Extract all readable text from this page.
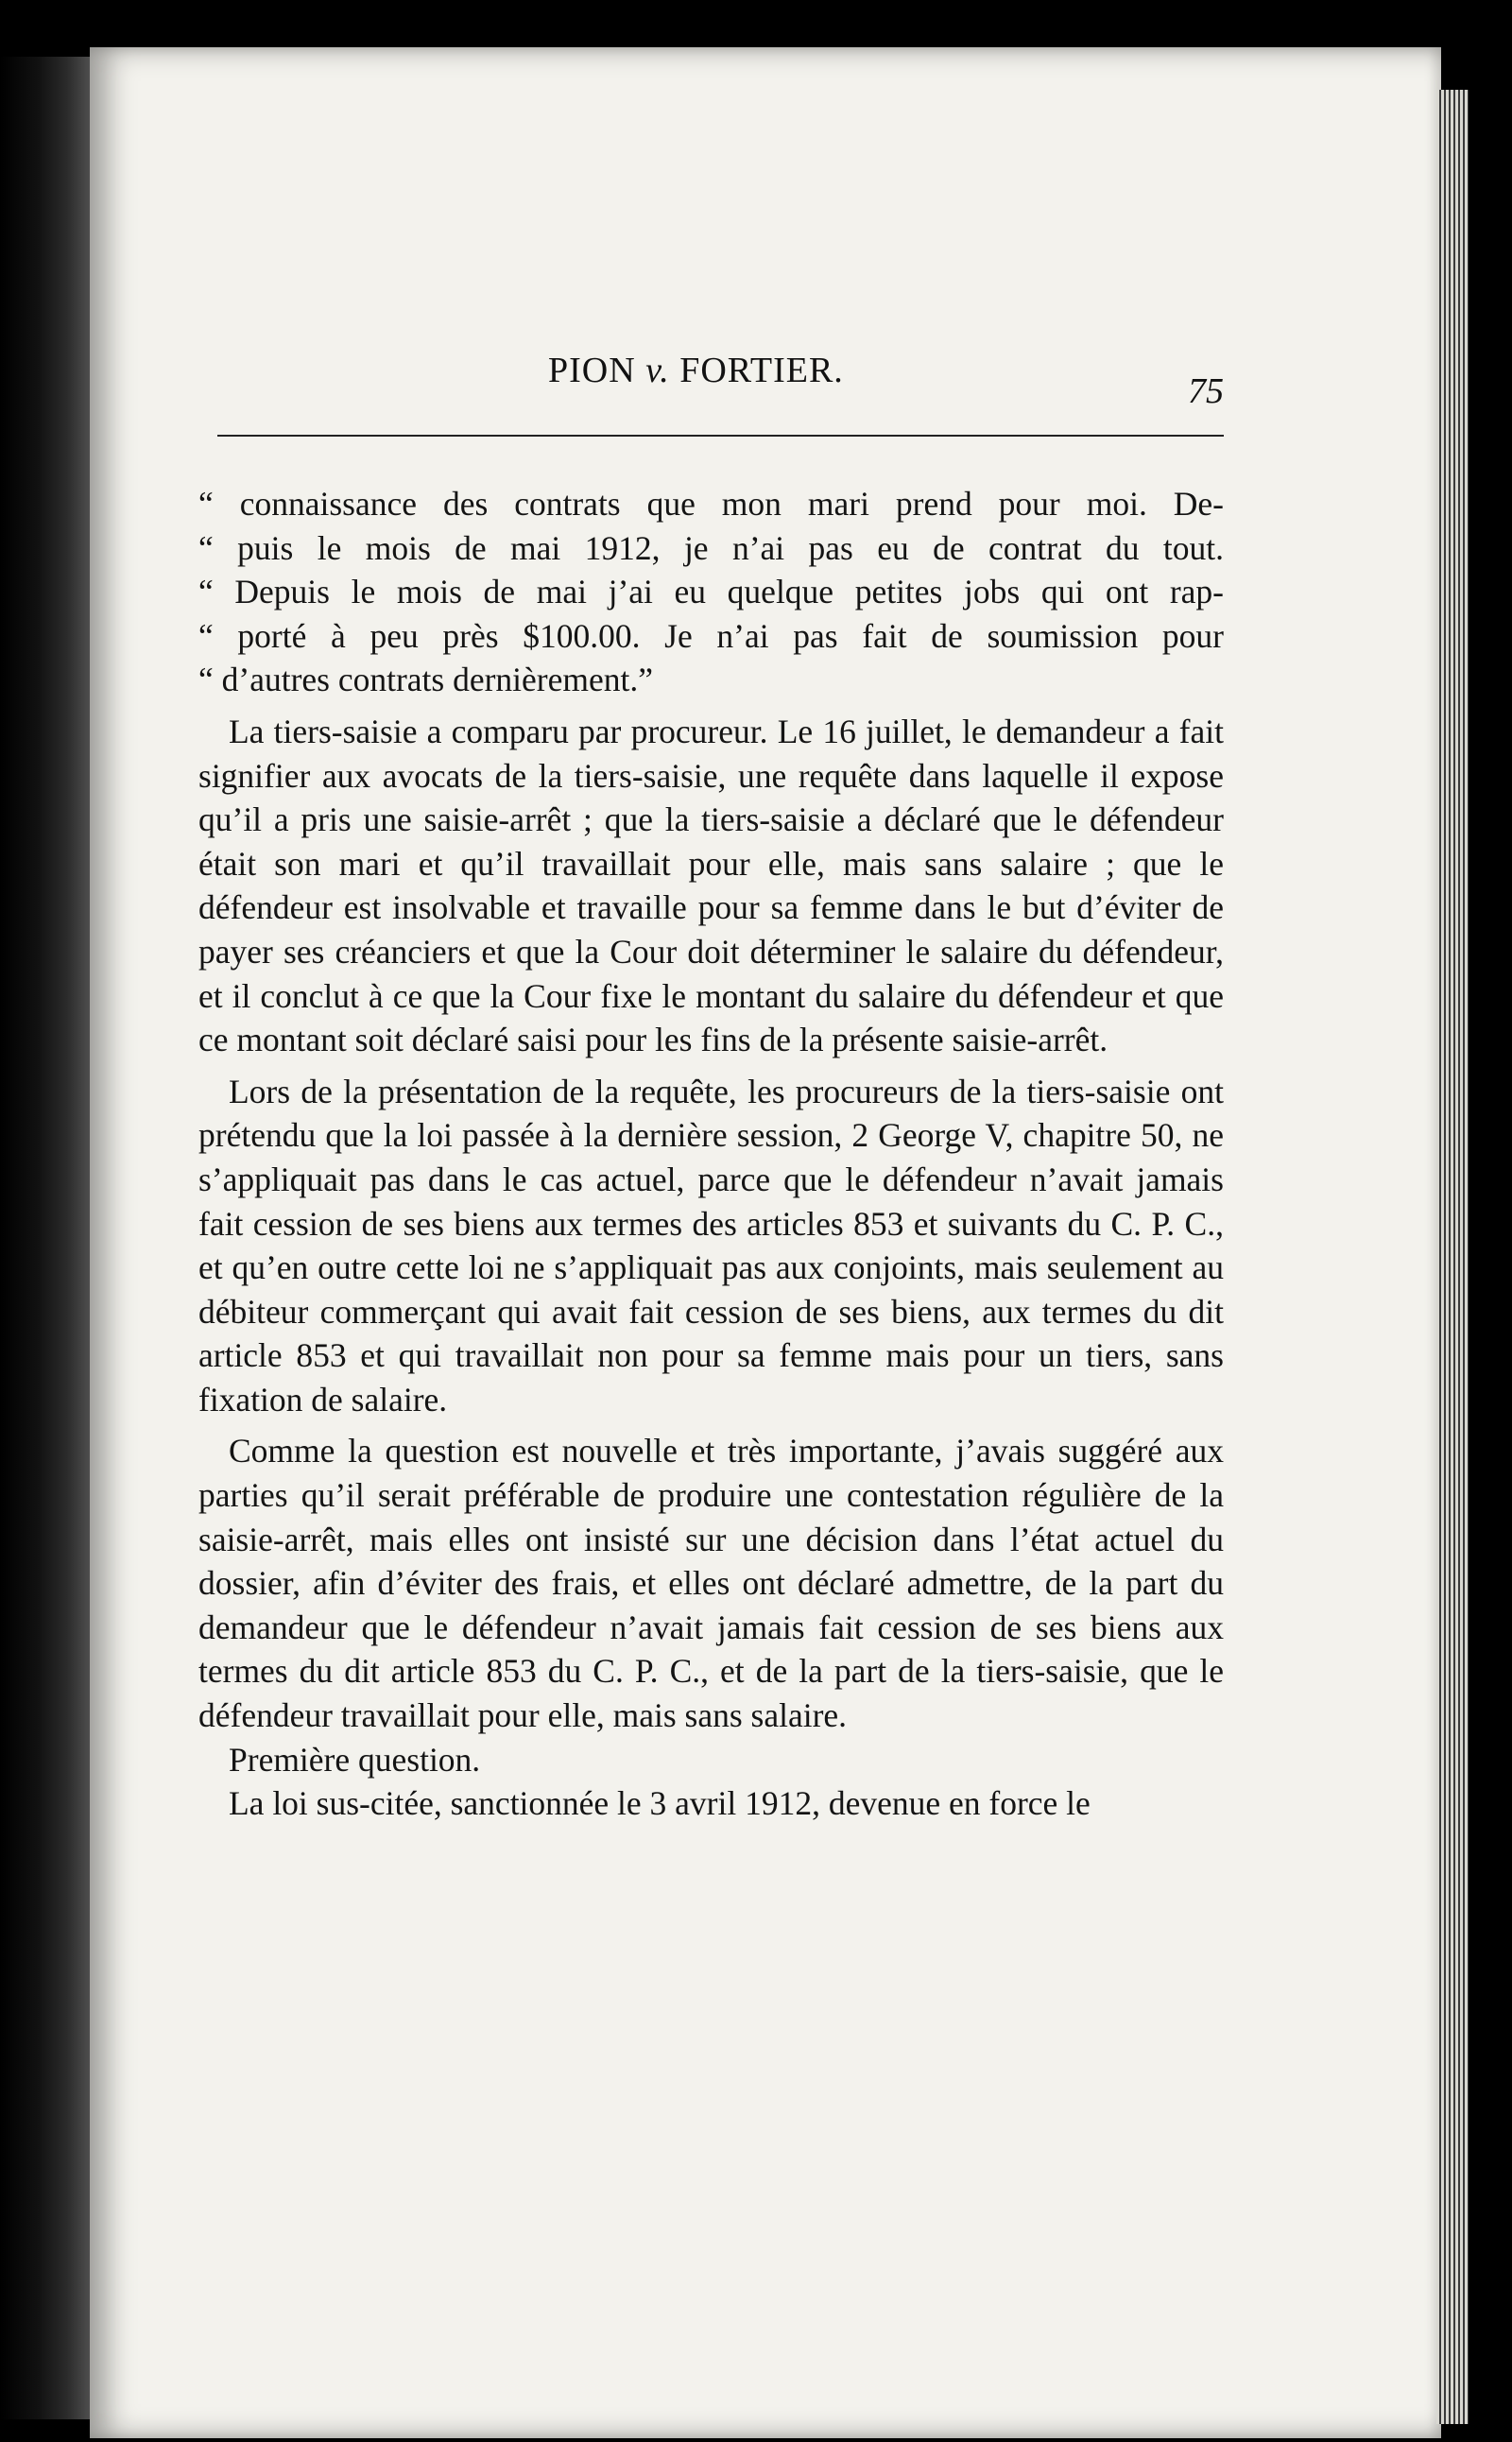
PION v. FORTIER.
75

“ connaissance des contrats que mon mari prend pour moi. De-

“ puis le mois de mai 1912, je n’ai pas eu de contrat du tout.

“ Depuis le mois de mai j’ai eu quelque petites jobs qui ont rap-

“ porté à peu près $100.00. Je n’ai pas fait de soumission pour

“ d’autres contrats dernièrement.”

La tiers-saisie a comparu par procureur. Le 16 juillet, le demandeur a fait signifier aux avocats de la tiers-saisie, une requête dans laquelle il expose qu’il a pris une saisie-arrêt ; que la tiers-saisie a déclaré que le défendeur était son mari et qu’il travaillait pour elle, mais sans salaire ; que le défendeur est insolvable et travaille pour sa femme dans le but d’éviter de payer ses créanciers et que la Cour doit déterminer le salaire du défendeur, et il conclut à ce que la Cour fixe le montant du salaire du défendeur et que ce montant soit déclaré saisi pour les fins de la présente saisie-arrêt.

Lors de la présentation de la requête, les procureurs de la tiers-saisie ont prétendu que la loi passée à la dernière session, 2 George V, chapitre 50, ne s’appliquait pas dans le cas actuel, parce que le défendeur n’avait jamais fait cession de ses biens aux termes des articles 853 et suivants du C. P. C., et qu’en outre cette loi ne s’appliquait pas aux conjoints, mais seulement au débiteur commerçant qui avait fait cession de ses biens, aux termes du dit article 853 et qui travaillait non pour sa femme mais pour un tiers, sans fixation de salaire.

Comme la question est nouvelle et très importante, j’avais suggéré aux parties qu’il serait préférable de produire une contestation régulière de la saisie-arrêt, mais elles ont insisté sur une décision dans l’état actuel du dossier, afin d’éviter des frais, et elles ont déclaré admettre, de la part du demandeur que le défendeur n’avait jamais fait cession de ses biens aux termes du dit article 853 du C. P. C., et de la part de la tiers-saisie, que le défendeur travaillait pour elle, mais sans salaire.

Première question.

La loi sus-citée, sanctionnée le 3 avril 1912, devenue en force le
